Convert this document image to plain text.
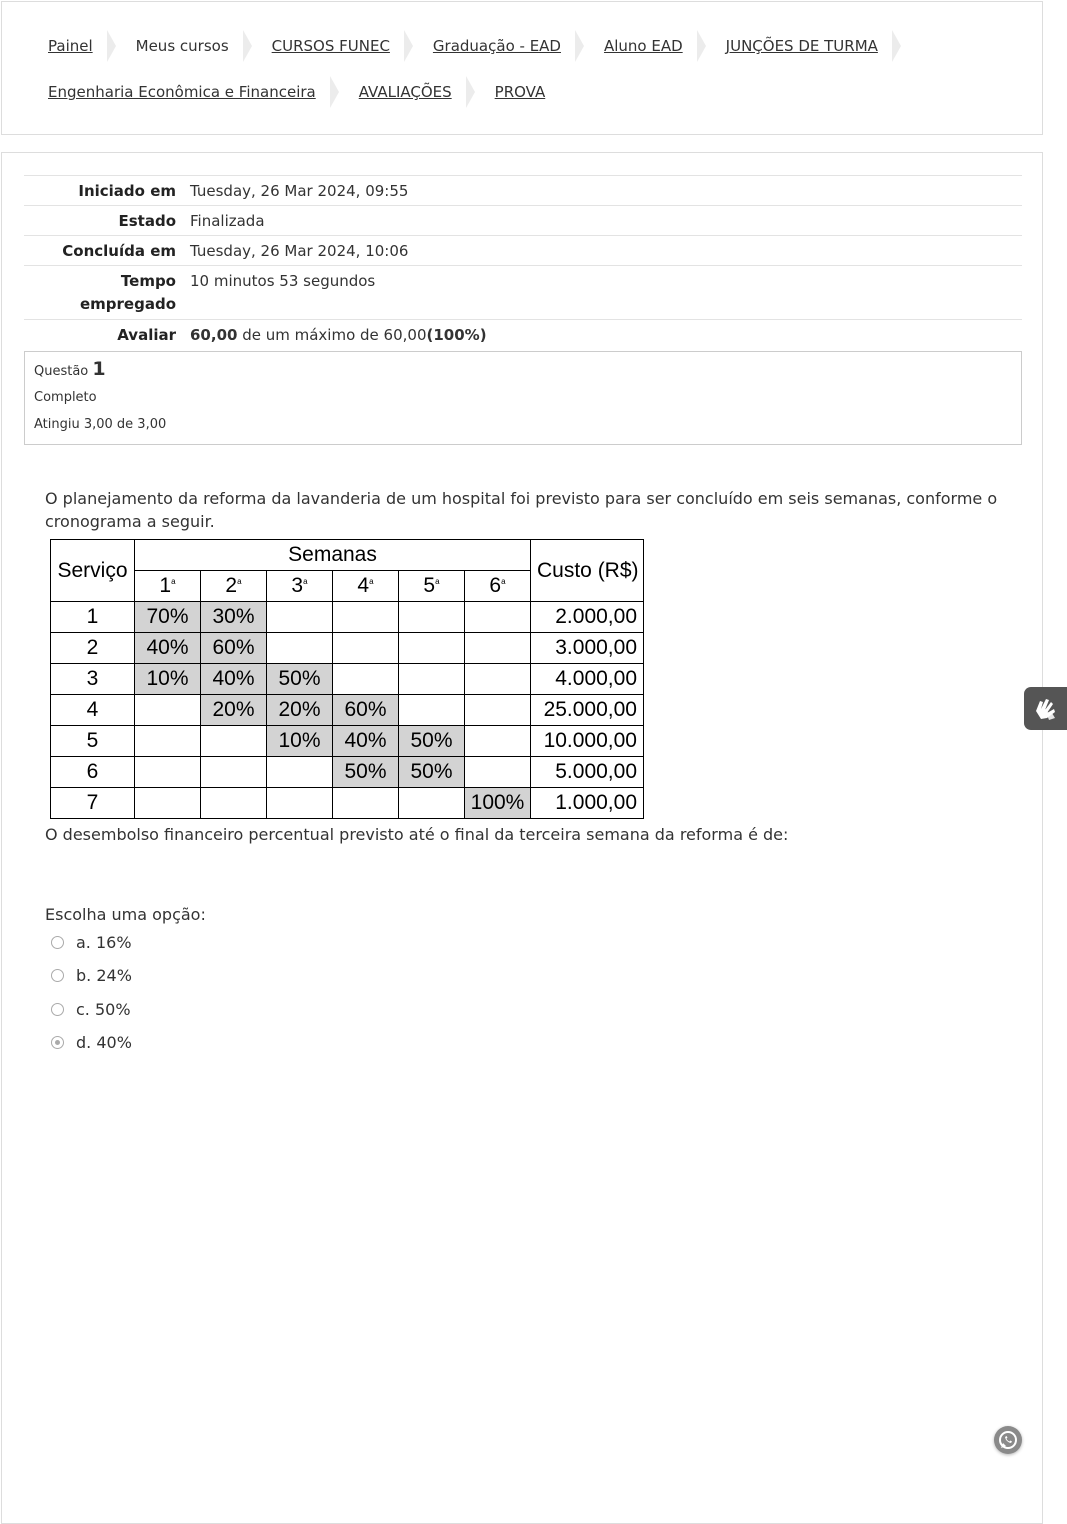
Painel	Meus cursos	CURSOS FUNEC	Graduação - EAD	Aluno EAD	JUNÇÕES DE TURMA
Engenharia Econômica e Financeira	AVALIAÇÕES	PROVA
Iniciado em	Tuesday, 26 Mar 2024, 09:55
Estado	Finalizada
Concluída em	Tuesday, 26 Mar 2024, 10:06
Tempo empregado	10 minutos 53 segundos
Avaliar	60,00 de um máximo de 60,00(100%)
Questão 1
Completo
Atingiu 3,00 de 3,00
O planejamento da reforma da lavanderia de um hospital foi previsto para ser concluído em seis semanas, conforme o cronograma a seguir.
Serviço	Semanas						Custo (R$)
	1$^a$	2$^a$	3$^a$	4$^a$	5$^a$	6$^a$
1	70%	30%					2.000,00
2	40%	60%					3.000,00
3	10%	40%	50%				4.000,00
4		20%	20%	60%			25.000,00
5			10%	40%	50%		10.000,00
6				50%	50%		5.000,00
7						100%	1.000,00
O desembolso financeiro percentual previsto até o final da terceira semana da reforma é de:
Escolha uma opção:
a. 16%
b. 24%
c. 50%
d. 40%
